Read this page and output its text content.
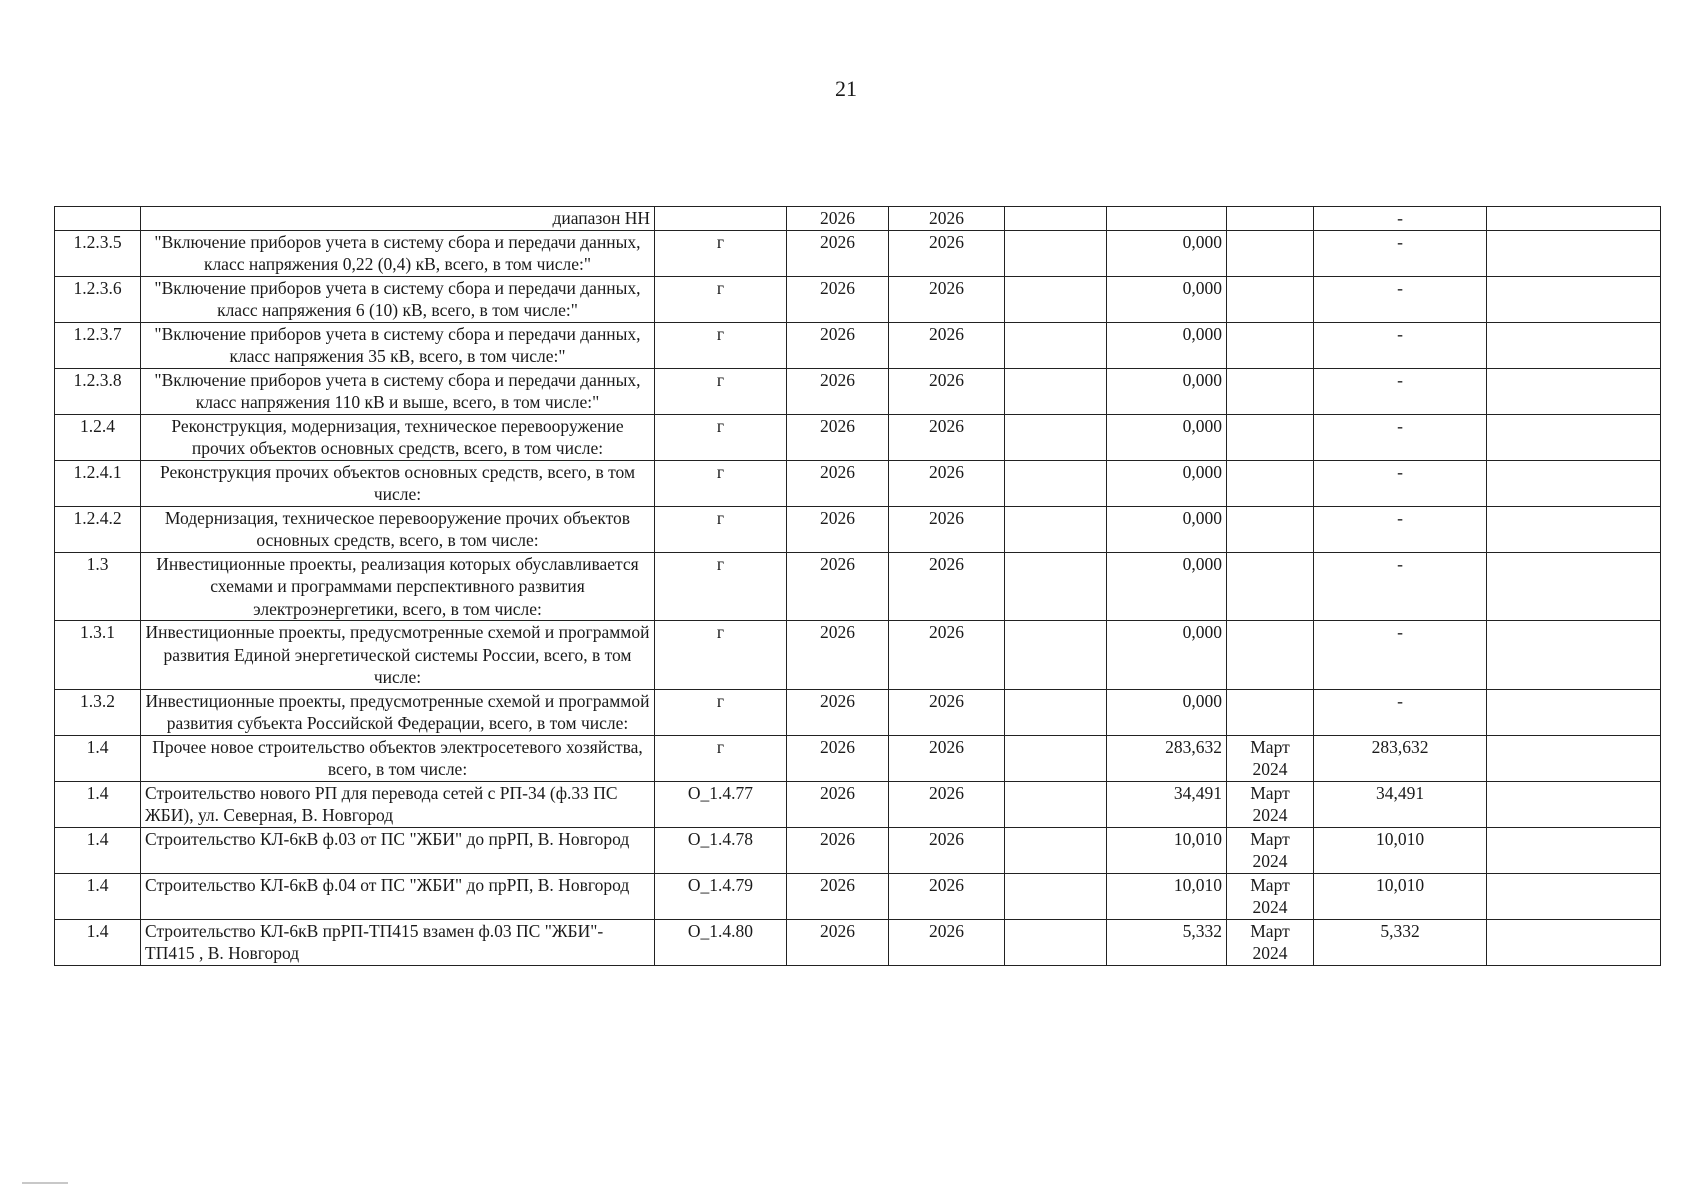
21
	диапазон НН		2026	2026				-	
1.2.3.5	"Включение приборов учета в систему сбора и передачи данных, класс напряжения 0,22 (0,4) кВ, всего, в том числе:"	г	2026	2026		0,000		-	
1.2.3.6	"Включение приборов учета в систему сбора и передачи данных, класс напряжения 6 (10) кВ, всего, в том числе:"	г	2026	2026		0,000		-	
1.2.3.7	"Включение приборов учета в систему сбора и передачи данных, класс напряжения 35 кВ, всего, в том числе:"	г	2026	2026		0,000		-	
1.2.3.8	"Включение приборов учета в систему сбора и передачи данных, класс напряжения 110 кВ и выше, всего, в том числе:"	г	2026	2026		0,000		-	
1.2.4	Реконструкция, модернизация, техническое перевооружение прочих объектов основных средств, всего, в том числе:	г	2026	2026		0,000		-	
1.2.4.1	Реконструкция прочих объектов основных средств, всего, в том числе:	г	2026	2026		0,000		-	
1.2.4.2	Модернизация, техническое перевооружение прочих объектов основных средств, всего, в том числе:	г	2026	2026		0,000		-	
1.3	Инвестиционные проекты, реализация которых обуславливается схемами и программами перспективного развития электроэнергетики, всего, в том числе:	г	2026	2026		0,000		-	
1.3.1	Инвестиционные проекты, предусмотренные схемой и программой развития Единой энергетической системы России, всего, в том числе:	г	2026	2026		0,000		-	
1.3.2	Инвестиционные проекты, предусмотренные схемой и программой развития субъекта Российской Федерации, всего, в том числе:	г	2026	2026		0,000		-	
1.4	Прочее новое строительство объектов электросетевого хозяйства, всего, в том числе:	г	2026	2026		283,632	Март 2024	283,632	
1.4	Строительство нового РП для перевода сетей с РП-34 (ф.33 ПС ЖБИ), ул. Северная, В. Новгород	О_1.4.77	2026	2026		34,491	Март 2024	34,491	
1.4	Строительство КЛ-6кВ ф.03 от ПС "ЖБИ" до прРП, В. Новгород	О_1.4.78	2026	2026		10,010	Март 2024	10,010	
1.4	Строительство КЛ-6кВ ф.04 от ПС "ЖБИ" до прРП, В. Новгород	О_1.4.79	2026	2026		10,010	Март 2024	10,010	
1.4	Строительство КЛ-6кВ прРП-ТП415 взамен ф.03 ПС "ЖБИ"-ТП415 , В. Новгород	О_1.4.80	2026	2026		5,332	Март 2024	5,332	
